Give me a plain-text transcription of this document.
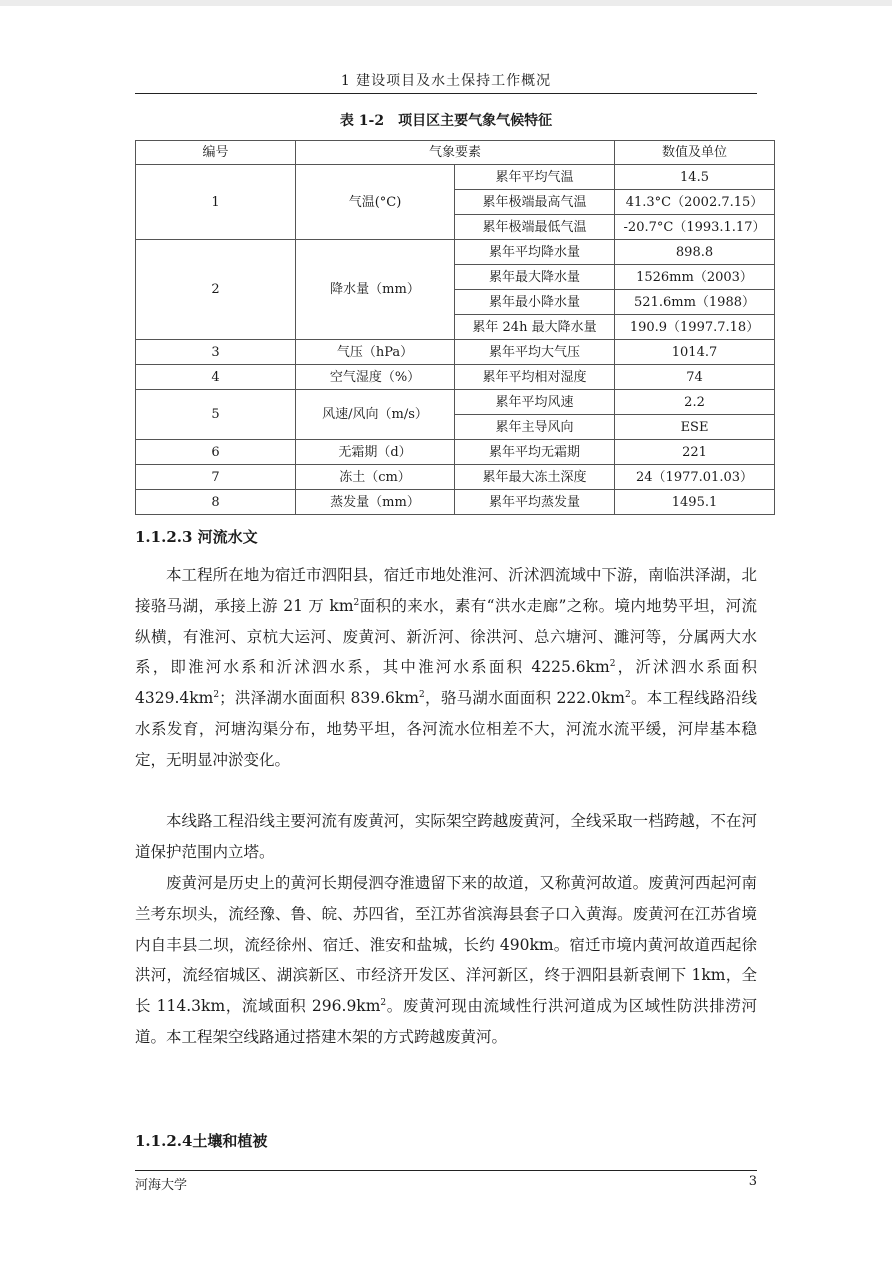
1 建设项目及水土保持工作概况
表 1-2　项目区主要气象气候特征
编号	气象要素		数值及单位
1	气温(°C)	累年平均气温	14.5
		累年极端最高气温	41.3°C（2002.7.15）
		累年极端最低气温	-20.7°C（1993.1.17）
2	降水量（mm）	累年平均降水量	898.8
		累年最大降水量	1526mm（2003）
		累年最小降水量	521.6mm（1988）
		累年 24h 最大降水量	190.9（1997.7.18）
3	气压（hPa）	累年平均大气压	1014.7
4	空气湿度（%）	累年平均相对湿度	74
5	风速/风向（m/s）	累年平均风速	2.2
		累年主导风向	ESE
6	无霜期（d）	累年平均无霜期	221
7	冻土（cm）	累年最大冻土深度	24（1977.01.03）
8	蒸发量（mm）	累年平均蒸发量	1495.1
1.1.2.3 河流水文

本工程所在地为宿迁市泗阳县，宿迁市地处淮河、沂沭泗流域中下游，南临洪泽湖，北接骆马湖，承接上游 21 万 $km^2$面积的来水，素有“洪水走廊”之称。境内地势平坦，河流纵横，有淮河、京杭大运河、废黄河、新沂河、徐洪河、总六塘河、濉河等，分属两大水系，即淮河水系和沂沭泗水系，其中淮河水系面积 $4225.6km^2$，沂沭泗水系面积 $4329.4km^2$；洪泽湖水面面积 $839.6km^2$，骆马湖水面面积 $222.0km^2$。本工程线路沿线水系发育，河塘沟渠分布，地势平坦，各河流水位相差不大，河流水流平缓，河岸基本稳定，无明显冲淤变化。

本线路工程沿线主要河流有废黄河，实际架空跨越废黄河，全线采取一档跨越，不在河道保护范围内立塔。

废黄河是历史上的黄河长期侵泗夺淮遗留下来的故道，又称黄河故道。废黄河西起河南兰考东坝头，流经豫、鲁、皖、苏四省，至江苏省滨海县套子口入黄海。废黄河在江苏省境内自丰县二坝，流经徐州、宿迁、淮安和盐城，长约 490km。宿迁市境内黄河故道西起徐洪河，流经宿城区、湖滨新区、市经济开发区、洋河新区，终于泗阳县新袁闸下 1km，全长 114.3km，流域面积 $296.9km^2$。废黄河现由流域性行洪河道成为区域性防洪排涝河道。本工程架空线路通过搭建木架的方式跨越废黄河。

1.1.2.4土壤和植被
河海大学	3
